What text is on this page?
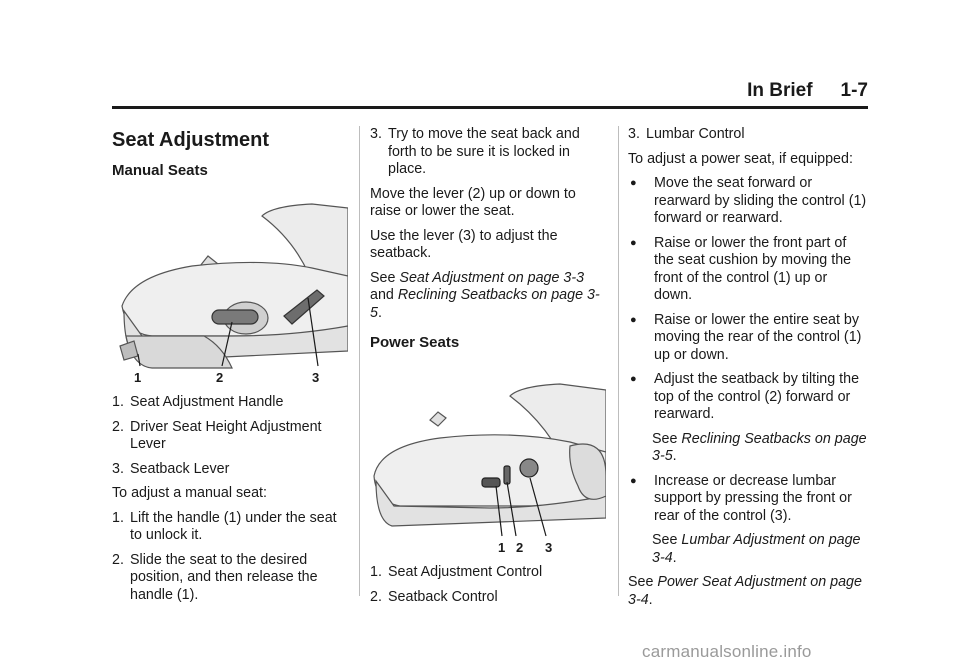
In Brief 1-7
Seat Adjustment
Manual Seats
1	2	3
1. Seat Adjustment Handle
2. Driver Seat Height Adjustment Lever
3. Seatback Lever

To adjust a manual seat:

1. Lift the handle (1) under the seat to unlock it.
2. Slide the seat to the desired position, and then release the handle (1).
3. Try to move the seat back and forth to be sure it is locked in place.

Move the lever (2) up or down to raise or lower the seat.

Use the lever (3) to adjust the seatback.

See Seat Adjustment on page 3-3 and Reclining Seatbacks on page 3-5.

Power Seats
1 2 3
1. Seat Adjustment Control
2. Seatback Control
3. Lumbar Control

To adjust a power seat, if equipped:

●	Move the seat forward or rearward by sliding the control (1) forward or rearward.
●	Raise or lower the front part of the seat cushion by moving the front of the control (1) up or down.
●	Raise or lower the entire seat by moving the rear of the control (1) up or down.
●	Adjust the seatback by tilting the top of the control (2) forward or rearward.
See Reclining Seatbacks on page 3-5.
●	Increase or decrease lumbar support by pressing the front or rear of the control (3).
See Lumbar Adjustment on page 3-4.

See Power Seat Adjustment on page 3-4.

carmanualsonline.info
